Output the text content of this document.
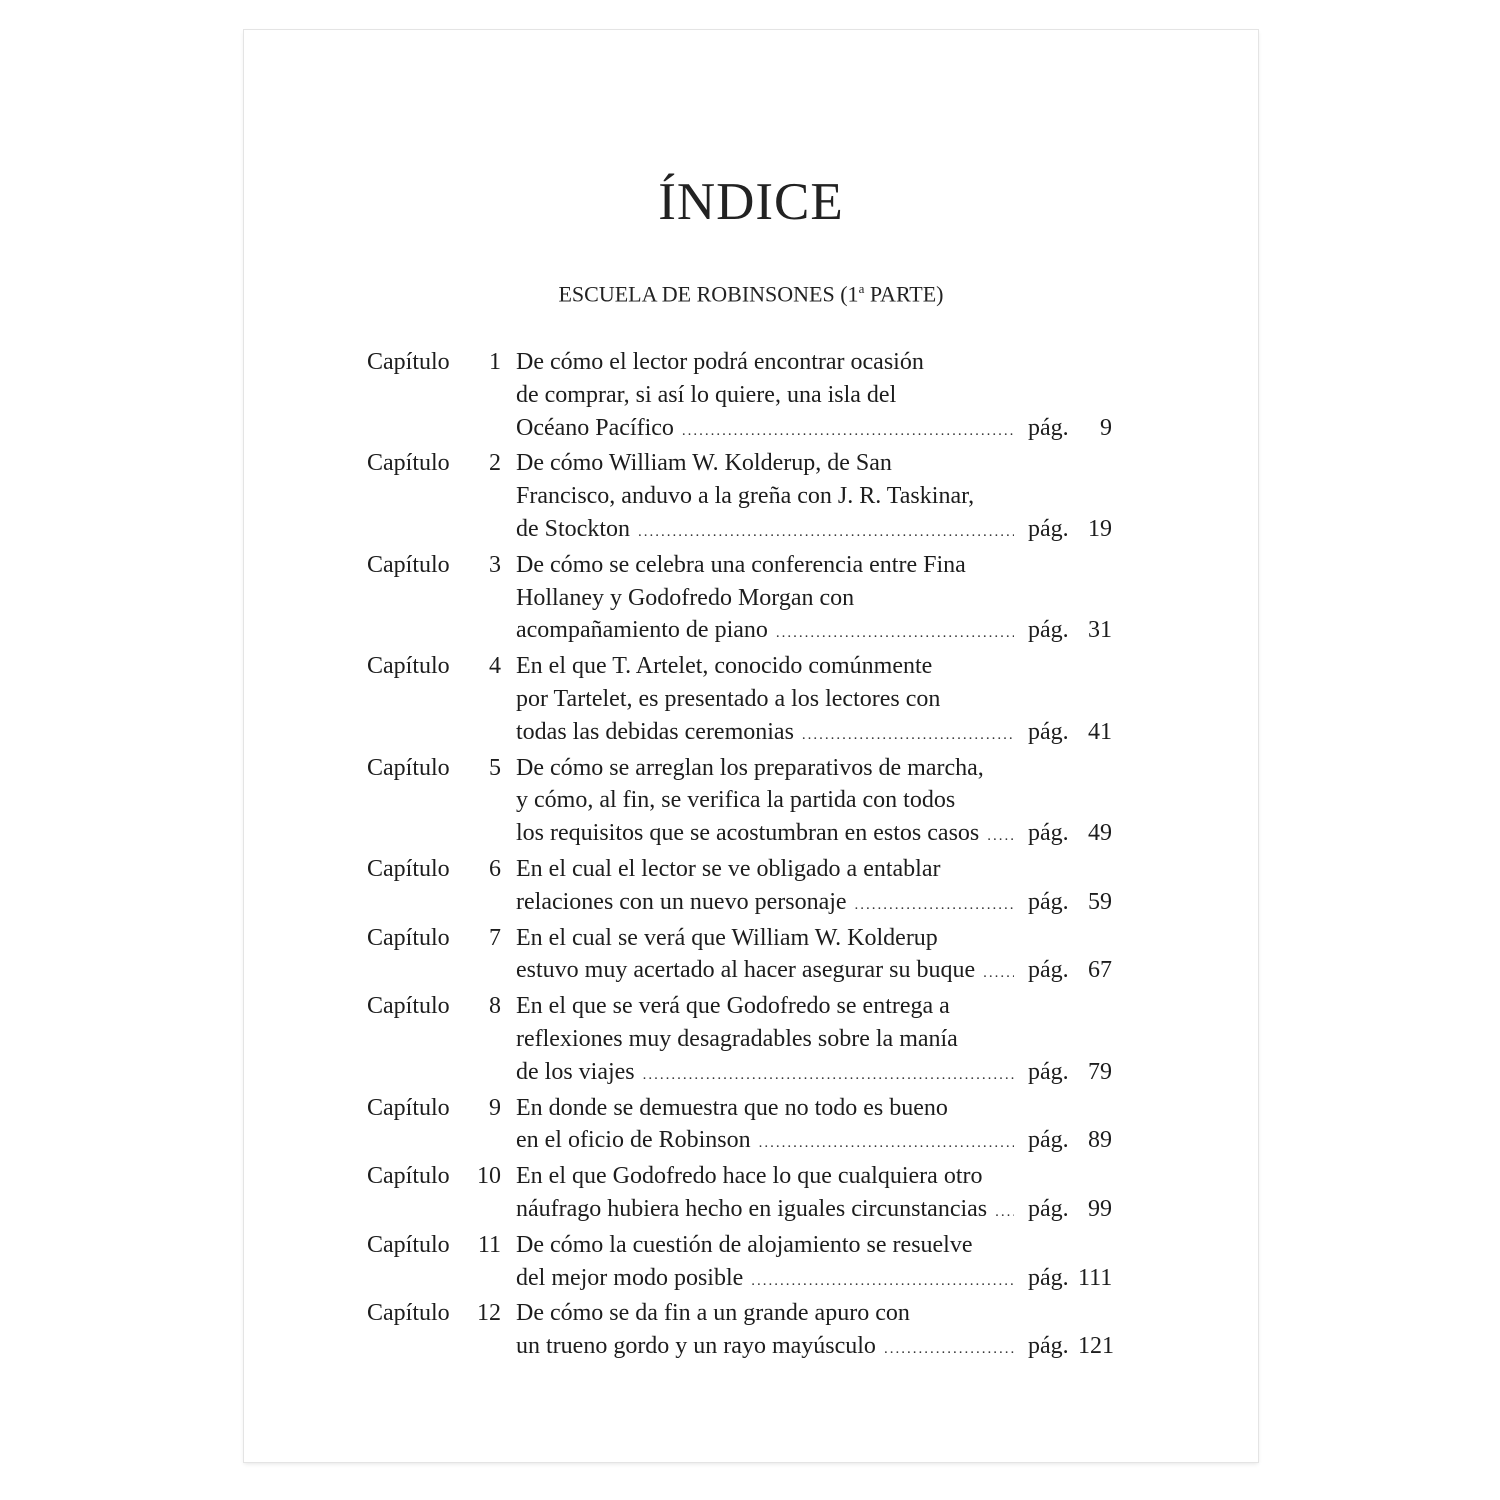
ÍNDICE
ESCUELA DE ROBINSONES (1$^a$ PARTE)
Capítulo	1 De cómo el lector podrá encontrar ocasión
de comprar, si así lo quiere, una isla del
Océano Pacífico .....	pág.	9
Capítulo	2 De cómo William W. Kolderup, de San
Francisco, anduvo a la greña con J. R. Taskinar,
de Stockton .....	pág. 19
Capítulo	3 De cómo se celebra una conferencia entre Fina
Hollaney y Godofredo Morgan con
acompañamiento de piano .....	pág. 31
Capítulo	4 En el que T. Artelet, conocido comúnmente
por Tartelet, es presentado a los lectores con
todas las debidas ceremonias .....	pág. 41
Capítulo	5 De cómo se arreglan los preparativos de marcha,
y cómo, al fin, se verifica la partida con todos
los requisitos que se acostumbran en estos casos ..... pág. 49
Capítulo	6 En el cual el lector se ve obligado a entablar
relaciones con un nuevo personaje .....	pág. 59
Capítulo	7 En el cual se verá que William W. Kolderup
estuvo muy acertado al hacer asegurar su buque ..... pág. 67
Capítulo	8 En el que se verá que Godofredo se entrega a
reflexiones muy desagradables sobre la manía
de los viajes .....	pág. 79
Capítulo	9 En donde se demuestra que no todo es bueno
en el oficio de Robinson .....	pág. 89
Capítulo	10 En el que Godofredo hace lo que cualquiera otro
náufrago hubiera hecho en iguales circunstancias ..... pág. 99
Capítulo	11 De cómo la cuestión de alojamiento se resuelve
del mejor modo posible .....	pág. 111
Capítulo	12 De cómo se da fin a un grande apuro con
un trueno gordo y un rayo mayúsculo .....	pág. 121
